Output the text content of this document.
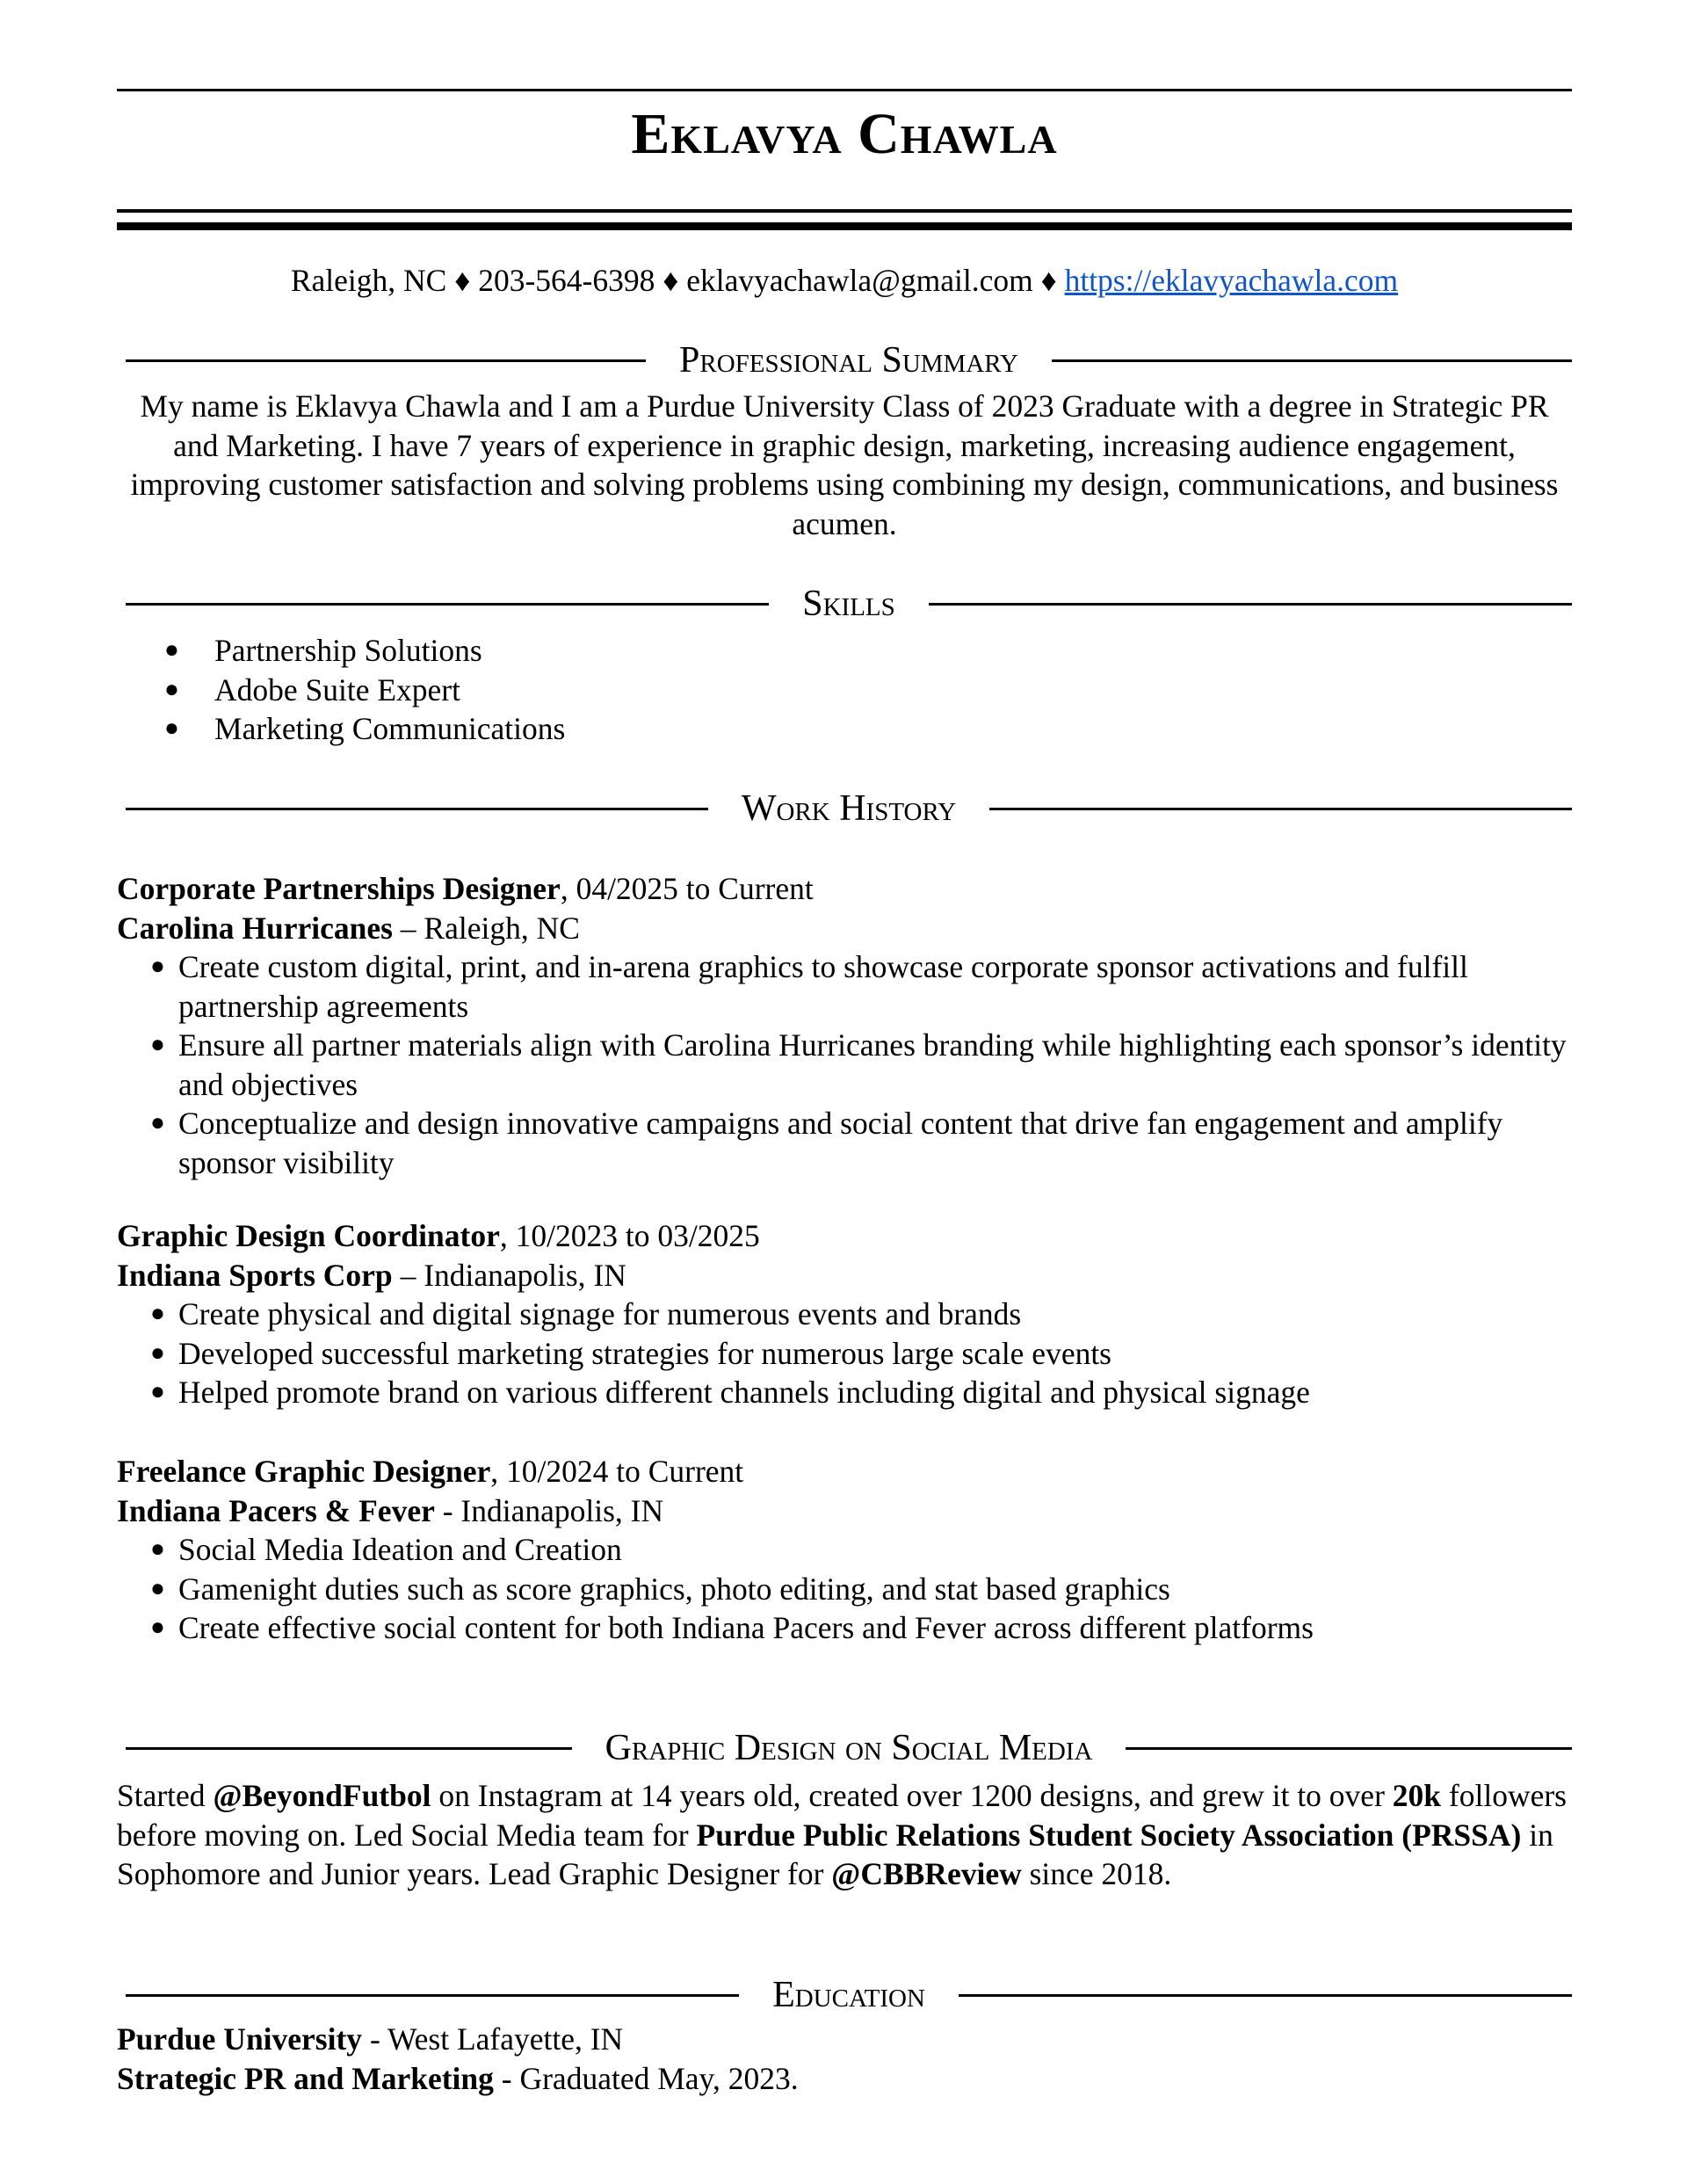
Eklavya Chawla
Raleigh, NC ♦ 203-564-6398 ♦ eklavyachawla@gmail.com ♦ https://eklavyachawla.com
Professional Summary
My name is Eklavya Chawla and I am a Purdue University Class of 2023 Graduate with a degree in Strategic PR and Marketing. I have 7 years of experience in graphic design, marketing, increasing audience engagement, improving customer satisfaction and solving problems using combining my design, communications, and business acumen.
Skills
● Partnership Solutions
● Adobe Suite Expert
● Marketing Communications
Work History
Corporate Partnerships Designer, 04/2025 to Current
Carolina Hurricanes – Raleigh, NC
● Create custom digital, print, and in-arena graphics to showcase corporate sponsor activations and fulfill partnership agreements
● Ensure all partner materials align with Carolina Hurricanes branding while highlighting each sponsor’s identity and objectives
● Conceptualize and design innovative campaigns and social content that drive fan engagement and amplify sponsor visibility
Graphic Design Coordinator, 10/2023 to 03/2025
Indiana Sports Corp – Indianapolis, IN
● Create physical and digital signage for numerous events and brands
● Developed successful marketing strategies for numerous large scale events
● Helped promote brand on various different channels including digital and physical signage
Freelance Graphic Designer, 10/2024 to Current
Indiana Pacers & Fever - Indianapolis, IN
● Social Media Ideation and Creation
● Gamenight duties such as score graphics, photo editing, and stat based graphics
● Create effective social content for both Indiana Pacers and Fever across different platforms
Graphic Design on Social Media
Started @BeyondFutbol on Instagram at 14 years old, created over 1200 designs, and grew it to over 20k followers before moving on. Led Social Media team for Purdue Public Relations Student Society Association (PRSSA) in Sophomore and Junior years. Lead Graphic Designer for @CBBReview since 2018.
Education
Purdue University - West Lafayette, IN
Strategic PR and Marketing - Graduated May, 2023.
